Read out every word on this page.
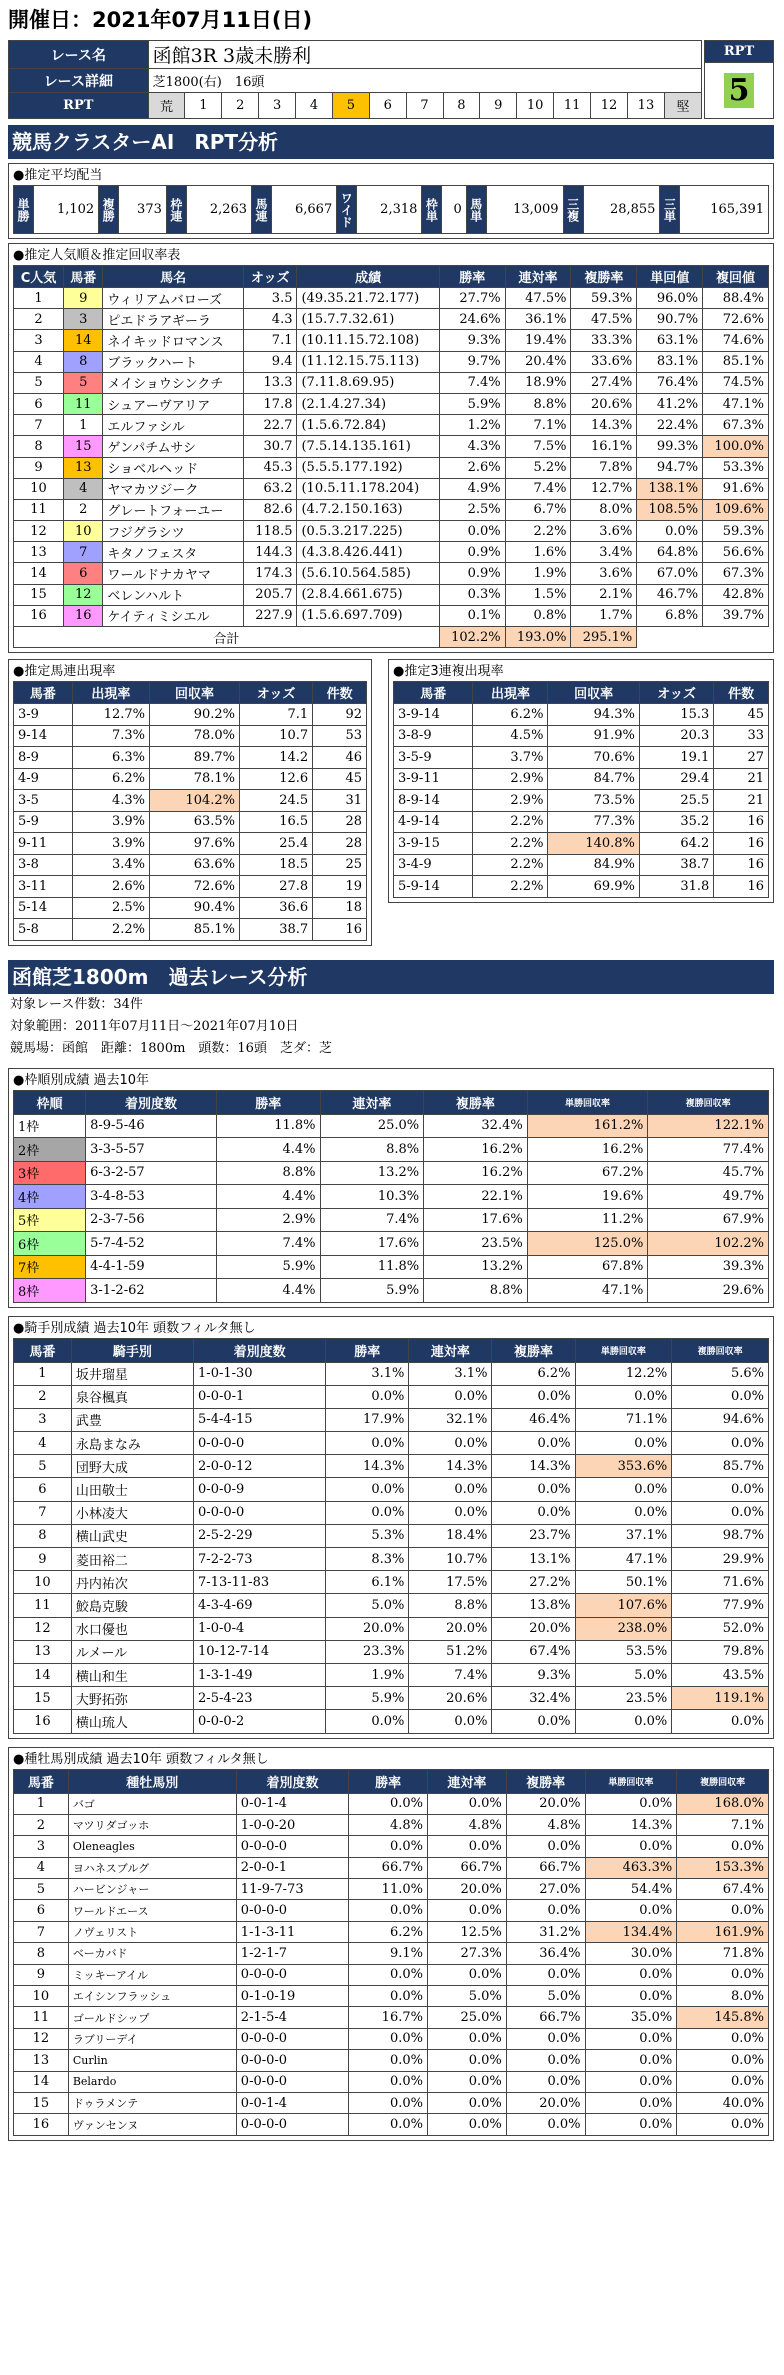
開催日：2021年07月11日(日)
レース名	函館3R 3歳未勝利														
レース詳細	芝1800(右)　 16頭														
RPT	荒	1	2	3	4	5	6	7	8	9	10	11	12	13	堅
RPT
5
競馬クラスターAI　RPT分析
●推定平均配当
単勝	1,102	複勝	373	枠連	2,263	馬連	6,667	ワイド	2,318	枠単	0	馬単	13,009	三複	28,855	三単	165,391
●推定人気順＆推定回収率表
C人気	馬番	馬名	オッズ	成績	勝率	連対率	複勝率	単回値	複回値
1	9	ウィリアムバローズ	3.5	(49.35.21.72.177)	27.7%	47.5%	59.3%	96.0%	88.4%
2	3	ピエドラアギーラ	4.3	(15.7.7.32.61)	24.6%	36.1%	47.5%	90.7%	72.6%
3	14	ネイキッドロマンス	7.1	(10.11.15.72.108)	9.3%	19.4%	33.3%	63.1%	74.6%
4	8	ブラックハート	9.4	(11.12.15.75.113)	9.7%	20.4%	33.6%	83.1%	85.1%
5	5	メイショウシンクチ	13.3	(7.11.8.69.95)	7.4%	18.9%	27.4%	76.4%	74.5%
6	11	シュアーヴアリア	17.8	(2.1.4.27.34)	5.9%	8.8%	20.6%	41.2%	47.1%
7	1	エルファシル	22.7	(1.5.6.72.84)	1.2%	7.1%	14.3%	22.4%	67.3%
8	15	ゲンパチムサシ	30.7	(7.5.14.135.161)	4.3%	7.5%	16.1%	99.3%	100.0%
9	13	ショベルヘッド	45.3	(5.5.5.177.192)	2.6%	5.2%	7.8%	94.7%	53.3%
10	4	ヤマカツジーク	63.2	(10.5.11.178.204)	4.9%	7.4%	12.7%	138.1%	91.6%
11	2	グレートフォーユー	82.6	(4.7.2.150.163)	2.5%	6.7%	8.0%	108.5%	109.6%
12	10	フジグラシツ	118.5	(0.5.3.217.225)	0.0%	2.2%	3.6%	0.0%	59.3%
13	7	キタノフェスタ	144.3	(4.3.8.426.441)	0.9%	1.6%	3.4%	64.8%	56.6%
14	6	ワールドナカヤマ	174.3	(5.6.10.564.585)	0.9%	1.9%	3.6%	67.0%	67.3%
15	12	ベレンハルト	205.7	(2.8.4.661.675)	0.3%	1.5%	2.1%	46.7%	42.8%
16	16	ケイティミシエル	227.9	(1.5.6.697.709)	0.1%	0.8%	1.7%	6.8%	39.7%
合計					102.2%	193.0%	295.1%		
●推定馬連出現率
馬番	出現率	回収率	オッズ	件数
3-9	12.7%	90.2%	7.1	92
9-14	7.3%	78.0%	10.7	53
8-9	6.3%	89.7%	14.2	46
4-9	6.2%	78.1%	12.6	45
3-5	4.3%	104.2%	24.5	31
5-9	3.9%	63.5%	16.5	28
9-11	3.9%	97.6%	25.4	28
3-8	3.4%	63.6%	18.5	25
3-11	2.6%	72.6%	27.8	19
5-14	2.5%	90.4%	36.6	18
5-8	2.2%	85.1%	38.7	16
●推定3連複出現率
馬番	出現率	回収率	オッズ	件数
3-9-14	6.2%	94.3%	15.3	45
3-8-9	4.5%	91.9%	20.3	33
3-5-9	3.7%	70.6%	19.1	27
3-9-11	2.9%	84.7%	29.4	21
8-9-14	2.9%	73.5%	25.5	21
4-9-14	2.2%	77.3%	35.2	16
3-9-15	2.2%	140.8%	64.2	16
3-4-9	2.2%	84.9%	38.7	16
5-9-14	2.2%	69.9%	31.8	16
函館芝1800m　過去レース分析
対象レース件数：34件
対象範囲：2011年07月11日〜2021年07月10日
競馬場：函館　距離：1800m　頭数：16頭　芝ダ：芝
●枠順別成績 過去10年
枠順	着別度数	勝率	連対率	複勝率	単勝回収率	複勝回収率
1枠	8-9-5-46	11.8%	25.0%	32.4%	161.2%	122.1%
2枠	3-3-5-57	4.4%	8.8%	16.2%	16.2%	77.4%
3枠	6-3-2-57	8.8%	13.2%	16.2%	67.2%	45.7%
4枠	3-4-8-53	4.4%	10.3%	22.1%	19.6%	49.7%
5枠	2-3-7-56	2.9%	7.4%	17.6%	11.2%	67.9%
6枠	5-7-4-52	7.4%	17.6%	23.5%	125.0%	102.2%
7枠	4-4-1-59	5.9%	11.8%	13.2%	67.8%	39.3%
8枠	3-1-2-62	4.4%	5.9%	8.8%	47.1%	29.6%
●騎手別成績 過去10年 頭数フィルタ無し
馬番	騎手別	着別度数	勝率	連対率	複勝率	単勝回収率	複勝回収率
1	坂井瑠星	1-0-1-30	3.1%	3.1%	6.2%	12.2%	5.6%
2	泉谷楓真	0-0-0-1	0.0%	0.0%	0.0%	0.0%	0.0%
3	武豊	5-4-4-15	17.9%	32.1%	46.4%	71.1%	94.6%
4	永島まなみ	0-0-0-0	0.0%	0.0%	0.0%	0.0%	0.0%
5	団野大成	2-0-0-12	14.3%	14.3%	14.3%	353.6%	85.7%
6	山田敬士	0-0-0-9	0.0%	0.0%	0.0%	0.0%	0.0%
7	小林凌大	0-0-0-0	0.0%	0.0%	0.0%	0.0%	0.0%
8	横山武史	2-5-2-29	5.3%	18.4%	23.7%	37.1%	98.7%
9	菱田裕二	7-2-2-73	8.3%	10.7%	13.1%	47.1%	29.9%
10	丹内祐次	7-13-11-83	6.1%	17.5%	27.2%	50.1%	71.6%
11	鮫島克駿	4-3-4-69	5.0%	8.8%	13.8%	107.6%	77.9%
12	水口優也	1-0-0-4	20.0%	20.0%	20.0%	238.0%	52.0%
13	ルメール	10-12-7-14	23.3%	51.2%	67.4%	53.5%	79.8%
14	横山和生	1-3-1-49	1.9%	7.4%	9.3%	5.0%	43.5%
15	大野拓弥	2-5-4-23	5.9%	20.6%	32.4%	23.5%	119.1%
16	横山琉人	0-0-0-2	0.0%	0.0%	0.0%	0.0%	0.0%
●種牡馬別成績 過去10年 頭数フィルタ無し
馬番	種牡馬別	着別度数	勝率	連対率	複勝率	単勝回収率	複勝回収率
1	バゴ	0-0-1-4	0.0%	0.0%	20.0%	0.0%	168.0%
2	マツリダゴッホ	1-0-0-20	4.8%	4.8%	4.8%	14.3%	7.1%
3	Oleneagles	0-0-0-0	0.0%	0.0%	0.0%	0.0%	0.0%
4	ヨハネスブルグ	2-0-0-1	66.7%	66.7%	66.7%	463.3%	153.3%
5	ハービンジャー	11-9-7-73	11.0%	20.0%	27.0%	54.4%	67.4%
6	ワールドエース	0-0-0-0	0.0%	0.0%	0.0%	0.0%	0.0%
7	ノヴェリスト	1-1-3-11	6.2%	12.5%	31.2%	134.4%	161.9%
8	ベーカバド	1-2-1-7	9.1%	27.3%	36.4%	30.0%	71.8%
9	ミッキーアイル	0-0-0-0	0.0%	0.0%	0.0%	0.0%	0.0%
10	エイシンフラッシュ	0-1-0-19	0.0%	5.0%	5.0%	0.0%	8.0%
11	ゴールドシップ	2-1-5-4	16.7%	25.0%	66.7%	35.0%	145.8%
12	ラブリーデイ	0-0-0-0	0.0%	0.0%	0.0%	0.0%	0.0%
13	Curlin	0-0-0-0	0.0%	0.0%	0.0%	0.0%	0.0%
14	Belardo	0-0-0-0	0.0%	0.0%	0.0%	0.0%	0.0%
15	ドゥラメンテ	0-0-1-4	0.0%	0.0%	20.0%	0.0%	40.0%
16	ヴァンセンヌ	0-0-0-0	0.0%	0.0%	0.0%	0.0%	0.0%
